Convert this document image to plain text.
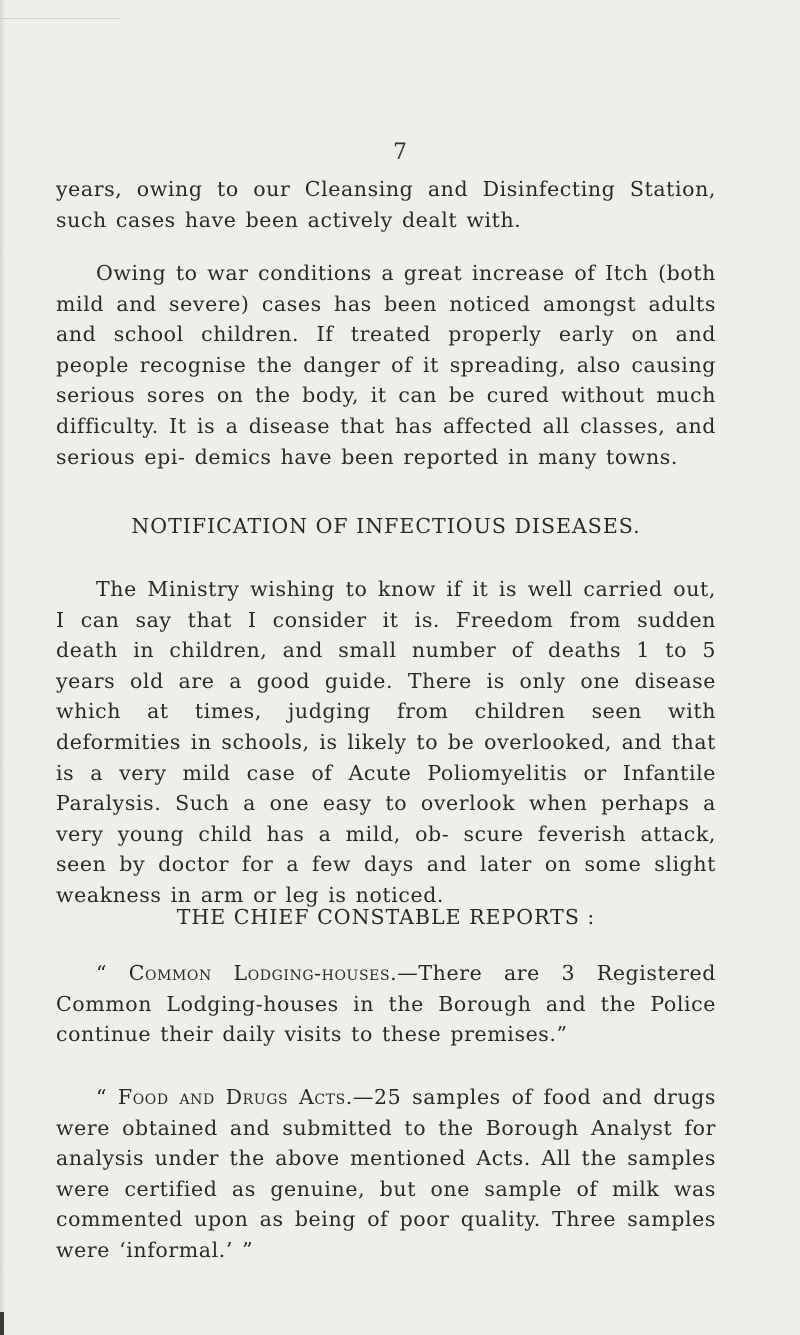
7

years, owing to our Cleansing and Disinfecting Station, such cases have been actively dealt with.

Owing to war conditions a great increase of Itch (both mild and severe) cases has been noticed amongst adults and school children. If treated properly early on and people recognise the danger of it spreading, also causing serious sores on the body, it can be cured without much difficulty. It is a disease that has affected all classes, and serious epi- demics have been reported in many towns.

NOTIFICATION OF INFECTIOUS DISEASES.

The Ministry wishing to know if it is well carried out, I can say that I consider it is. Freedom from sudden death in children, and small number of deaths 1 to 5 years old are a good guide. There is only one disease which at times, judging from children seen with deformities in schools, is likely to be overlooked, and that is a very mild case of Acute Poliomyelitis or Infantile Paralysis. Such a one easy to overlook when perhaps a very young child has a mild, ob- scure feverish attack, seen by doctor for a few days and later on some slight weakness in arm or leg is noticed.

THE CHIEF CONSTABLE REPORTS :

“ Common Lodging-houses.—There are 3 Registered Common Lodging-houses in the Borough and the Police continue their daily visits to these premises.”

“ Food and Drugs Acts.—25 samples of food and drugs were obtained and submitted to the Borough Analyst for analysis under the above mentioned Acts. All the samples were certified as genuine, but one sample of milk was commented upon as being of poor quality. Three samples were ‘informal.’ ”
